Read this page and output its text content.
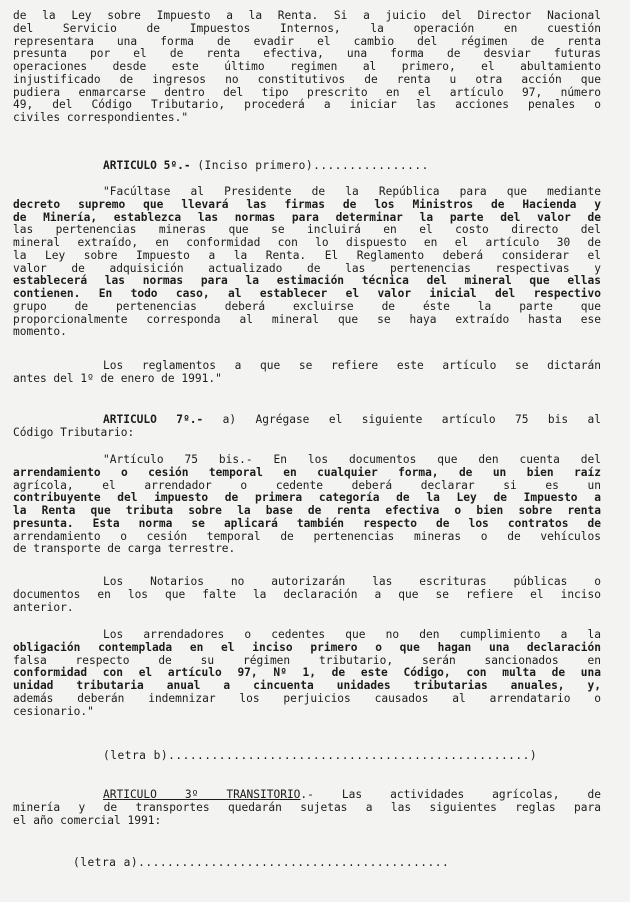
de la Ley sobre Impuesto a la Renta. Si a juicio del Director Nacional
del Servicio de Impuestos Internos, la operación en cuestión
representara una forma de evadir el cambio del régimen de renta
presunta por el de renta efectiva, una forma de desviar futuras
operaciones desde este último regimen al primero, el abultamiento
injustificado de ingresos no constitutivos de renta u otra acción que
pudiera enmarcarse dentro del tipo prescrito en el artículo 97, número
49, del Código Tributario, procederá a iniciar las acciones penales o
civiles correspondientes."
ARTICULO 5º.- (Inciso primero)................
"Facúltase al Presidente de la República para que mediante
decreto supremo que llevará las firmas de los Ministros de Hacienda y
de Minería, establezca las normas para determinar la parte del valor de
las pertenencias mineras que se incluirá en el costo directo del
mineral extraído, en conformidad con lo dispuesto en el artículo 30 de
la Ley sobre Impuesto a la Renta. El Reglamento deberá considerar el
valor de adquisición actualizado de las pertenencias respectivas y
establecerá las normas para la estimación técnica del mineral que ellas
contienen. En todo caso, al establecer el valor inicial del respectivo
grupo de pertenencias deberá excluirse de éste la parte que
proporcionalmente corresponda al mineral que se haya extraído hasta ese
momento.
Los reglamentos a que se refiere este artículo se dictarán
antes del 1º de enero de 1991."
ARTICULO 7º.- a) Agrégase el siguiente artículo 75 bis al
Código Tributario:
"Artículo 75 bis.- En los documentos que den cuenta del
arrendamiento o cesión temporal en cualquier forma, de un bien raíz
agrícola, el arrendador o cedente deberá declarar si es un
contribuyente del impuesto de primera categoría de la Ley de Impuesto a
la Renta que tributa sobre la base de renta efectiva o bien sobre renta
presunta. Esta norma se aplicará también respecto de los contratos de
arrendamiento o cesión temporal de pertenencias mineras o de vehículos
de transporte de carga terrestre.
Los Notarios no autorizarán las escrituras públicas o
documentos en los que falte la declaración a que se refiere el inciso
anterior.
Los arrendadores o cedentes que no den cumplimiento a la
obligación contemplada en el inciso primero o que hagan una declaración
falsa respecto de su régimen tributario, serán sancionados en
conformidad con el artículo 97, Nº 1, de este Código, con multa de una
unidad tributaria anual a cincuenta unidades tributarias anuales, y,
además deberán indemnizar los perjuicios causados al arrendatario o
cesionario."
(letra b)..................................................)
ARTICULO 3º TRANSITORIO.-	Las actividades agrícolas, de
minería y de transportes quedarán sujetas a las siguientes reglas para
el año comercial 1991:
(letra a)...........................................
